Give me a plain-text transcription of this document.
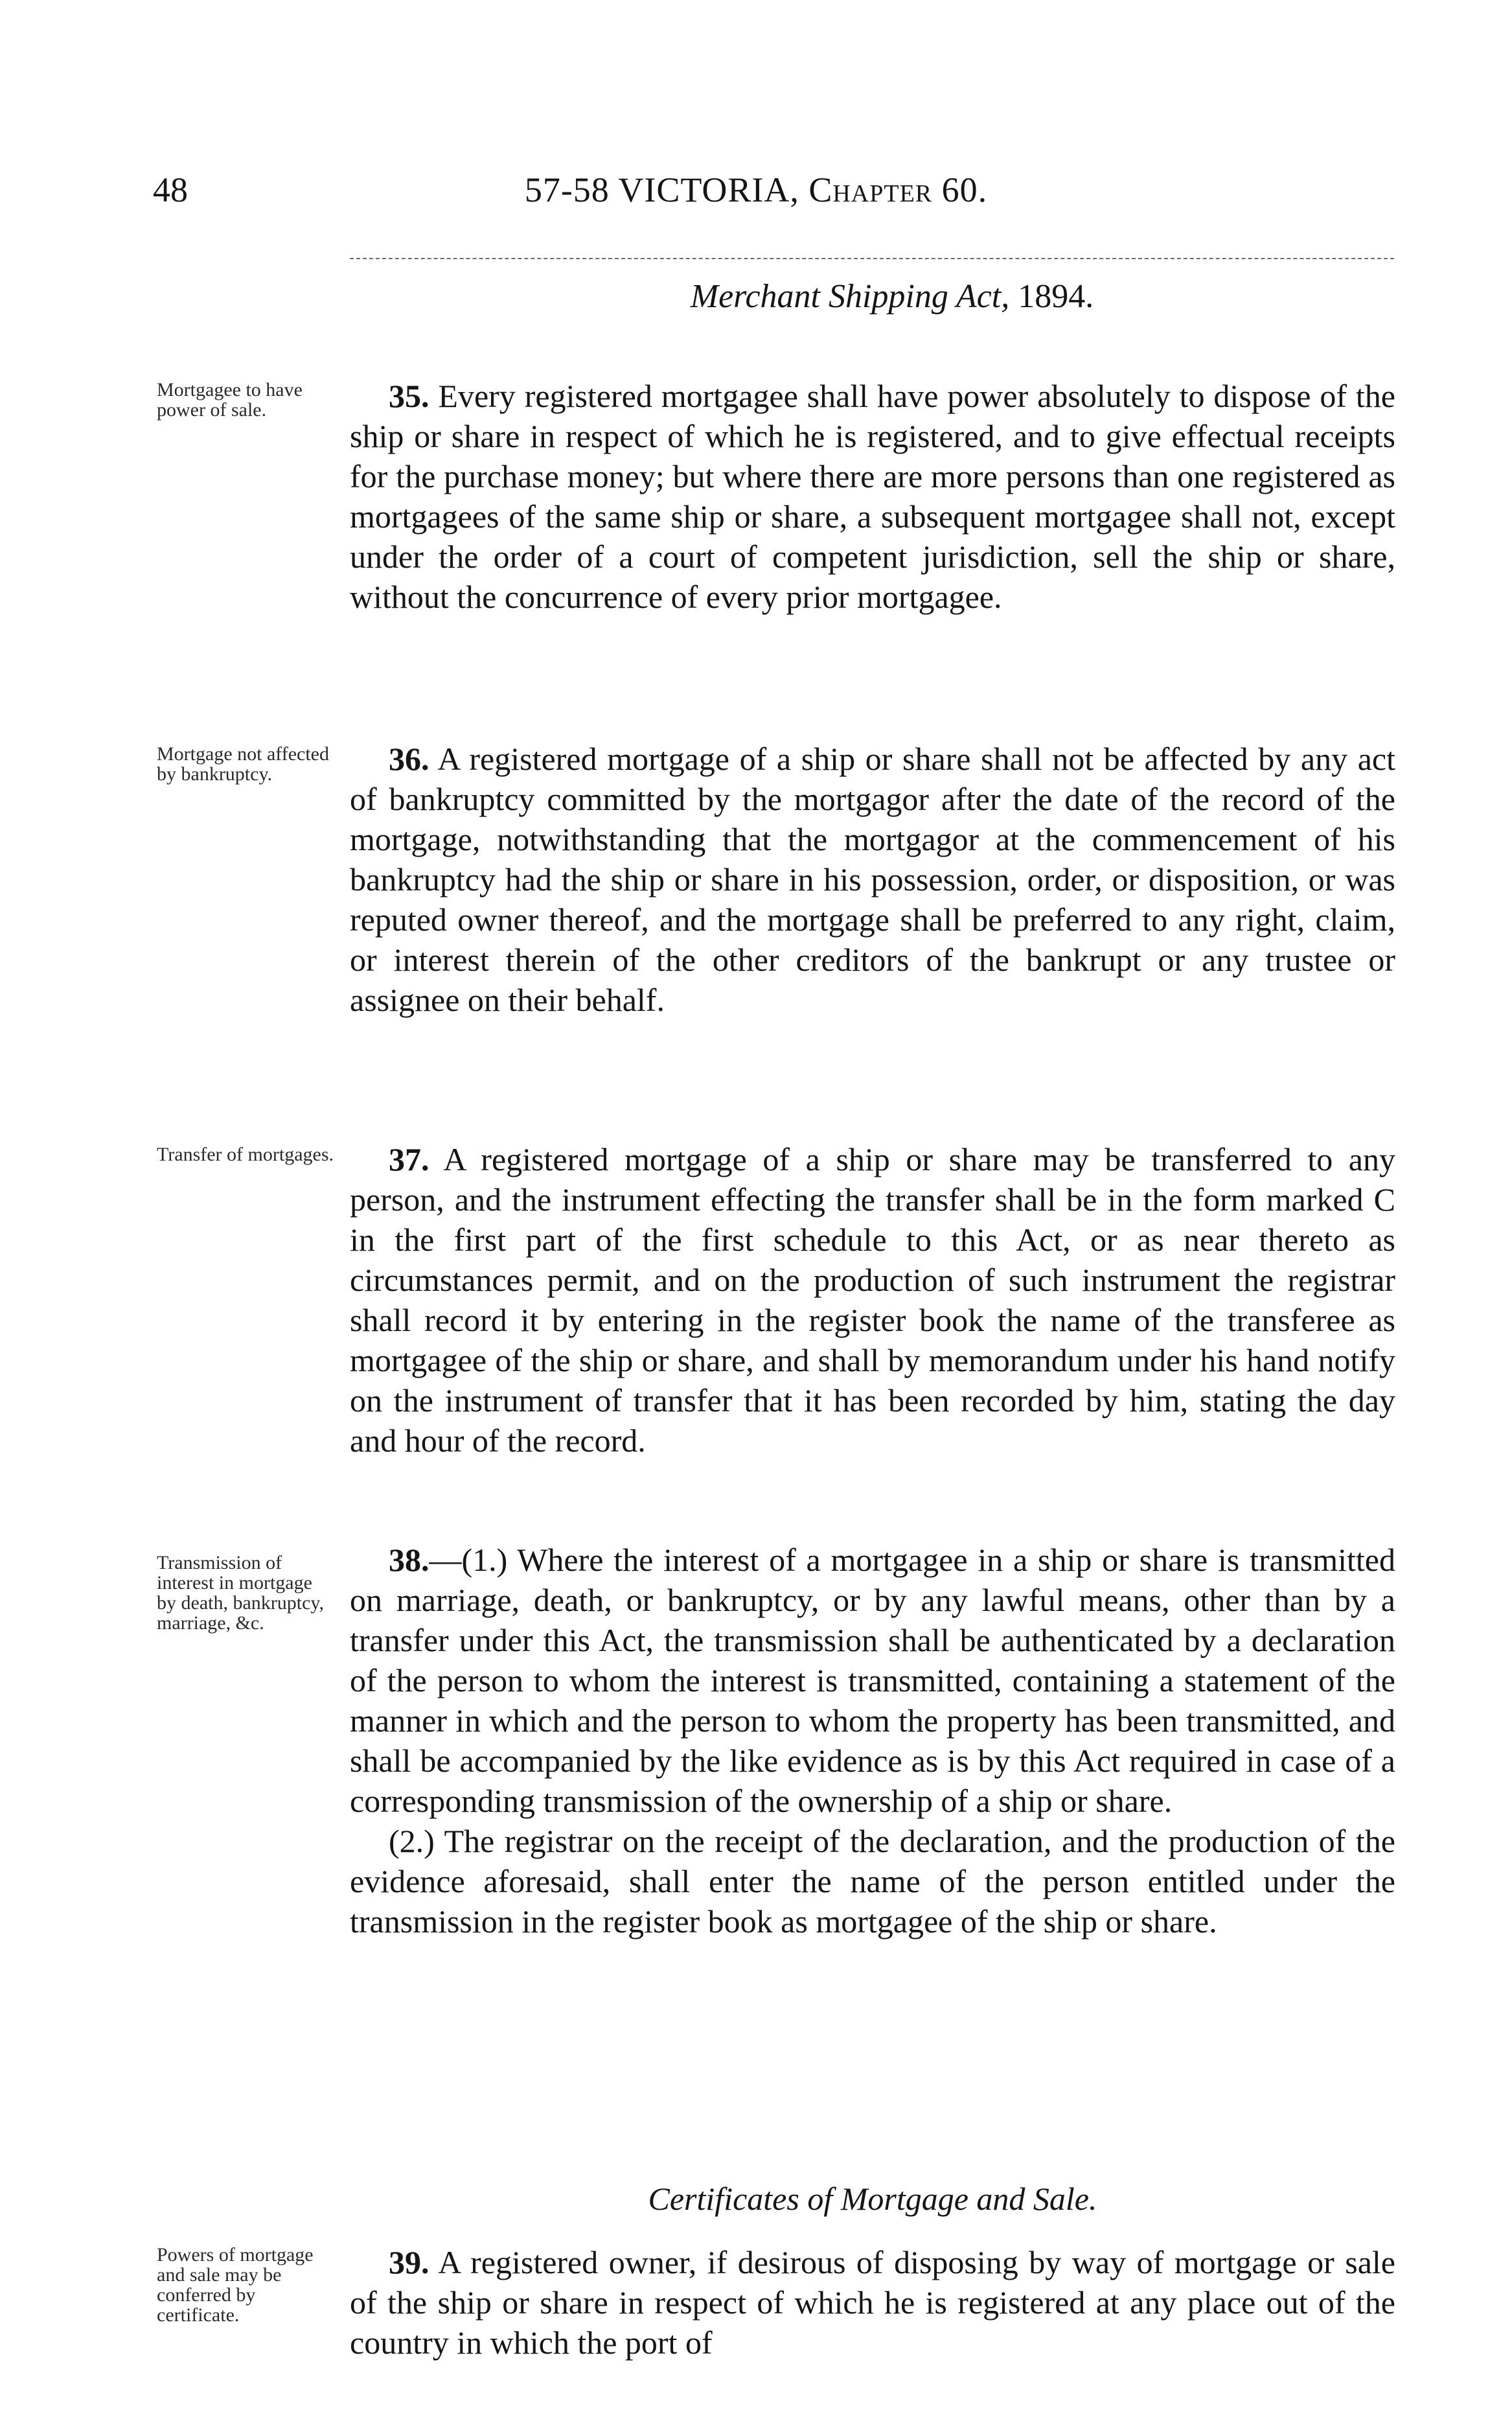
48	57-58 VICTORIA, Chapter 60.
Merchant Shipping Act, 1894.
Mortgagee to have power of sale.	35. Every registered mortgagee shall have power absolutely to dispose of the ship or share in respect of which he is registered, and to give effectual receipts for the purchase money; but where there are more persons than one registered as mortgagees of the same ship or share, a subsequent mortgagee shall not, except under the order of a court of competent jurisdiction, sell the ship or share, without the concurrence of every prior mortgagee.

Mortgage not affected by bankruptcy.	36. A registered mortgage of a ship or share shall not be affected by any act of bankruptcy committed by the mortgagor after the date of the record of the mortgage, notwithstanding that the mortgagor at the commencement of his bankruptcy had the ship or share in his possession, order, or disposition, or was reputed owner thereof, and the mortgage shall be preferred to any right, claim, or interest therein of the other creditors of the bankrupt or any trustee or assignee on their behalf.

Transfer of mortgages.	37. A registered mortgage of a ship or share may be transferred to any person, and the instrument effecting the transfer shall be in the form marked C in the first part of the first schedule to this Act, or as near thereto as circumstances permit, and on the production of such instrument the registrar shall record it by entering in the register book the name of the transferee as mortgagee of the ship or share, and shall by memorandum under his hand notify on the instrument of transfer that it has been recorded by him, stating the day and hour of the record.

Transmission of interest in mortgage by death, bankruptcy, marriage, &c.

38.—(1.) Where the interest of a mortgagee in a ship or share is transmitted on marriage, death, or bankruptcy, or by any lawful means, other than by a transfer under this Act, the transmission shall be authenticated by a declaration of the person to whom the interest is transmitted, containing a statement of the manner in which and the person to whom the property has been transmitted, and shall be accompanied by the like evidence as is by this Act required in case of a corresponding transmission of the ownership of a ship or share.

(2.) The registrar on the receipt of the declaration, and the production of the evidence aforesaid, shall enter the name of the person entitled under the transmission in the register book as mortgagee of the ship or share.

Certificates of Mortgage and Sale.
Powers of mortgage and sale may be conferred by certificate.

39. A registered owner, if desirous of disposing by way of mortgage or sale of the ship or share in respect of which he is registered at any place out of the country in which the port of
